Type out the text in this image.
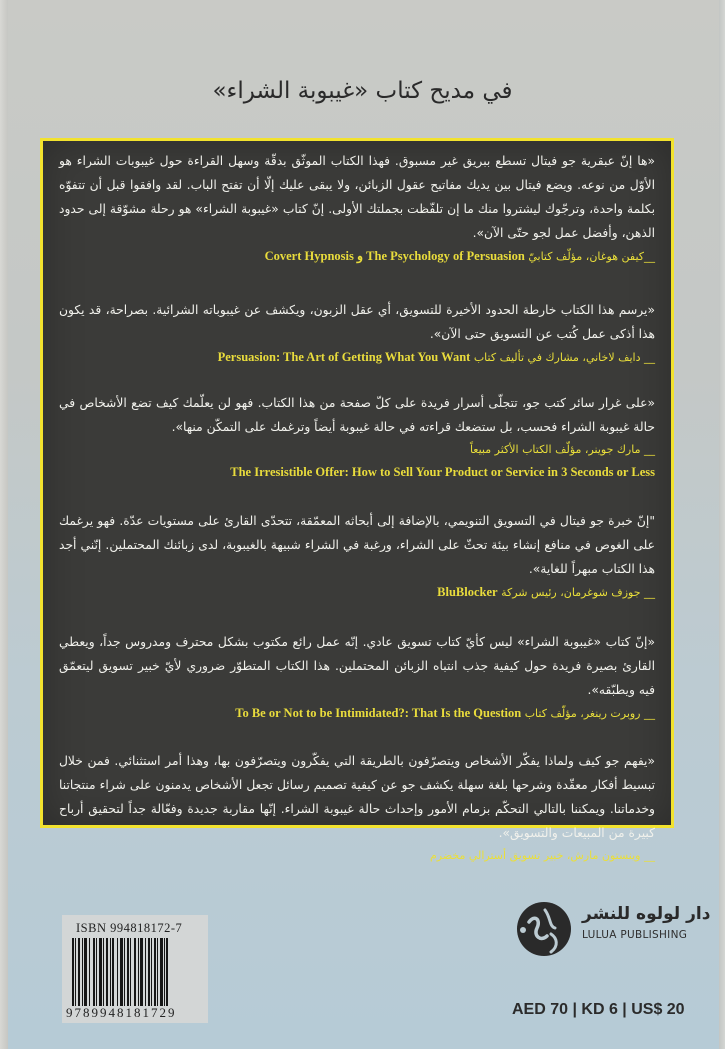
في مديح كتاب «غيبوبة الشراء»

«ها إنّ عبقرية جو فيتال تسطع ببريق غير مسبوق. فهذا الكتاب الموثّق بدقّة وسهل القراءة حول غيبوبات الشراء هو الأوّل من نوعه. ويضع فيتال بين يديك مفاتيح عقول الزبائن، ولا يبقى عليك إلّا أن تفتح الباب. لقد وافقوا قبل أن تتفوّه بكلمة واحدة، وترجّوك ليشتروا منك ما إن تلفّظت بجملتك الأولى. إنّ كتاب «غيبوبة الشراء» هو رحلة مشوّقة إلى حدود الذهن، وأفضل عمل لجو حتّى الآن».

__كيفن هوغان، مؤلّف كتابيّ Covert Hypnosis و The Psychology of Persuasion

«يرسم هذا الكتاب خارطة الحدود الأخيرة للتسويق، أي عقل الزبون، ويكشف عن غيبوباته الشرائية. بصراحة، قد يكون هذا أذكى عمل كُتب عن التسويق حتى الآن».

__ دايف لاخاني، مشارك في تأليف كتاب Persuasion: The Art of Getting What You Want

«على غرار سائر كتب جو، تتجلّى أسرار فريدة على كلّ صفحة من هذا الكتاب. فهو لن يعلّمك كيف تضع الأشخاص في حالة غيبوبة الشراء فحسب، بل ستضعك قراءته في حالة غيبوبة أيضاً وترغمك على التمكّن منها».

__ مارك جوينر، مؤلّف الكتاب الأكثر مبيعاً
The Irresistible Offer: How to Sell Your Product or Service in 3 Seconds or Less

"إنّ خبرة جو فيتال في التسويق التنويمي، بالإضافة إلى أبحاثه المعمّقة، تتحدّى القارئ على مستويات عدّة. فهو يرغمك على الغوص في منافع إنشاء بيئة تحثّ على الشراء، ورغبة في الشراء شبيهة بالغيبوبة، لدى زبائنك المحتملين. إنّني أجد هذا الكتاب مبهراً للغاية».

__ جوزف شوغرمان، رئيس شركة BluBlocker

«إنّ كتاب «غيبوبة الشراء» ليس كأيّ كتاب تسويق عادي. إنّه عمل رائع مكتوب بشكل محترف ومدروس جداً، ويعطي القارئ بصيرة فريدة حول كيفية جذب انتباه الزبائن المحتملين. هذا الكتاب المتطوّر ضروري لأيّ خبير تسويق ليتعمّق فيه ويطبّقه».

__ روبرت رينغر، مؤلّف كتاب To Be or Not to be Intimidated?: That Is the Question

«يفهم جو كيف ولماذا يفكّر الأشخاص ويتصرّفون بالطريقة التي يفكّرون ويتصرّفون بها، وهذا أمر استثنائي. فمن خلال تبسيط أفكار معقّدة وشرحها بلغة سهلة يكشف جو عن كيفية تصميم رسائل تجعل الأشخاص يدمنون على شراء منتجاتنا وخدماتنا. ويمكننا بالتالي التحكّم بزمام الأمور وإحداث حالة غيبوبة الشراء. إنّها مقاربة جديدة وفعّالة جداً لتحقيق أرباح كبيرة من المبيعات والتسويق».

__ وينستون مارش، خبير تسويق أسترالي مخضرم
ISBN 994818172-7
9789948181729
دار لولوه للنشر
LULUA PUBLISHING
AED 70 | KD 6 | US$ 20
